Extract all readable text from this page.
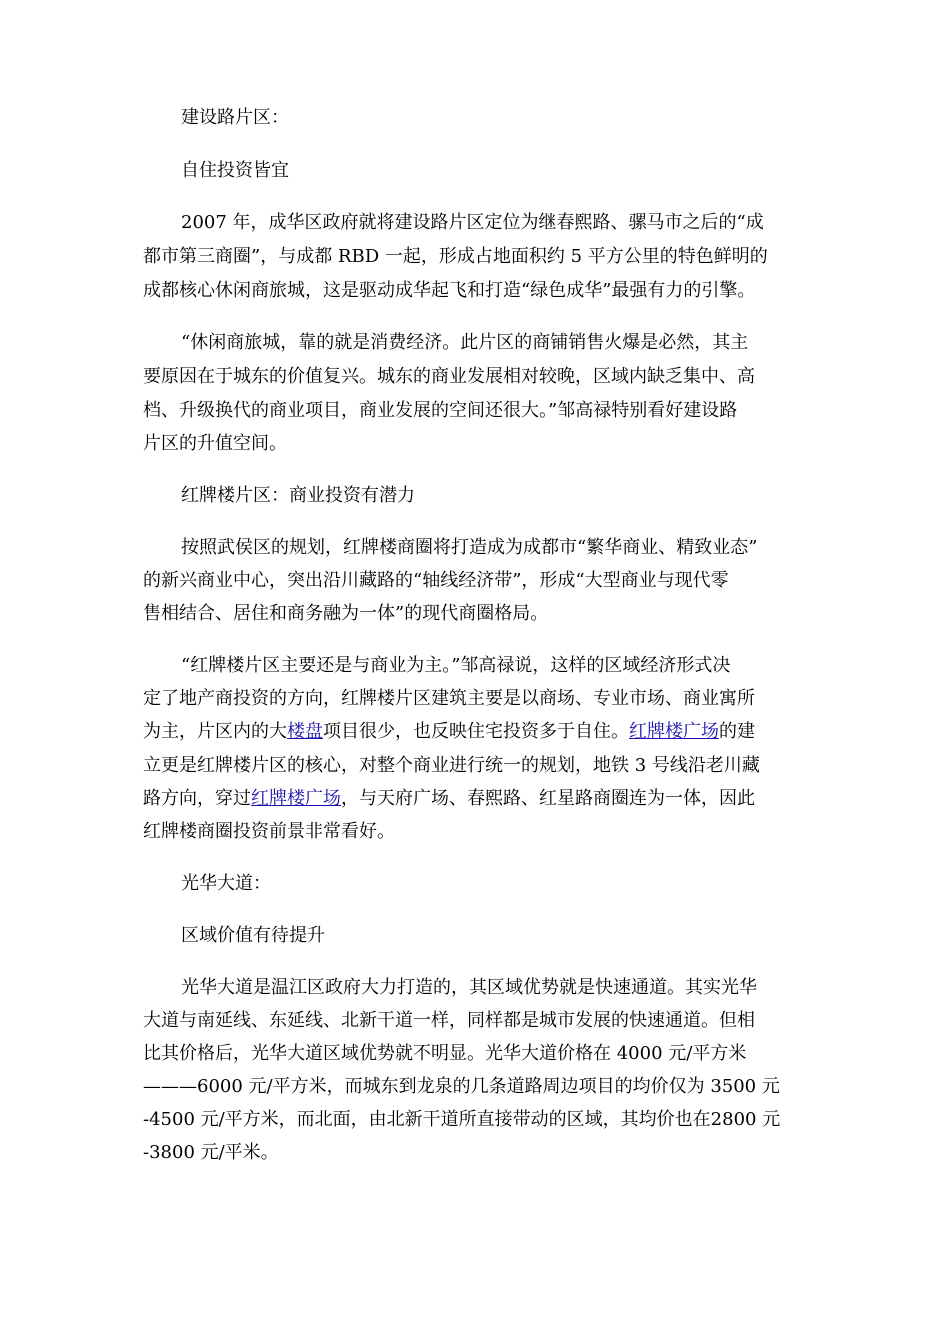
建设路片区：
自住投资皆宜
2007 年，成华区政府就将建设路片区定位为继春熙路、骡马市之后的“成
都市第三商圈”，与成都 RBD 一起，形成占地面积约 5 平方公里的特色鲜明的
成都核心休闲商旅城，这是驱动成华起飞和打造“绿色成华”最强有力的引擎。
“休闲商旅城，靠的就是消费经济。此片区的商铺销售火爆是必然，其主
要原因在于城东的价值复兴。城东的商业发展相对较晚，区域内缺乏集中、高
档、升级换代的商业项目，商业发展的空间还很大。”邹高禄特别看好建设路
片区的升值空间。
红牌楼片区：商业投资有潜力
按照武侯区的规划，红牌楼商圈将打造成为成都市“繁华商业、精致业态”
的新兴商业中心，突出沿川藏路的“轴线经济带”，形成“大型商业与现代零
售相结合、居住和商务融为一体”的现代商圈格局。
“红牌楼片区主要还是与商业为主。”邹高禄说，这样的区域经济形式决
定了地产商投资的方向，红牌楼片区建筑主要是以商场、专业市场、商业寓所
为主，片区内的大楼盘项目很少，也反映住宅投资多于自住。红牌楼广场的建
立更是红牌楼片区的核心，对整个商业进行统一的规划，地铁 3 号线沿老川藏
路方向，穿过红牌楼广场，与天府广场、春熙路、红星路商圈连为一体，因此
红牌楼商圈投资前景非常看好。
光华大道：
区域价值有待提升
光华大道是温江区政府大力打造的，其区域优势就是快速通道。其实光华
大道与南延线、东延线、北新干道一样，同样都是城市发展的快速通道。但相
比其价格后，光华大道区域优势就不明显。光华大道价格在 4000 元/平方米
———6000 元/平方米，而城东到龙泉的几条道路周边项目的均价仅为 3500 元
-4500 元/平方米，而北面，由北新干道所直接带动的区域，其均价也在2800 元
-3800 元/平米。
